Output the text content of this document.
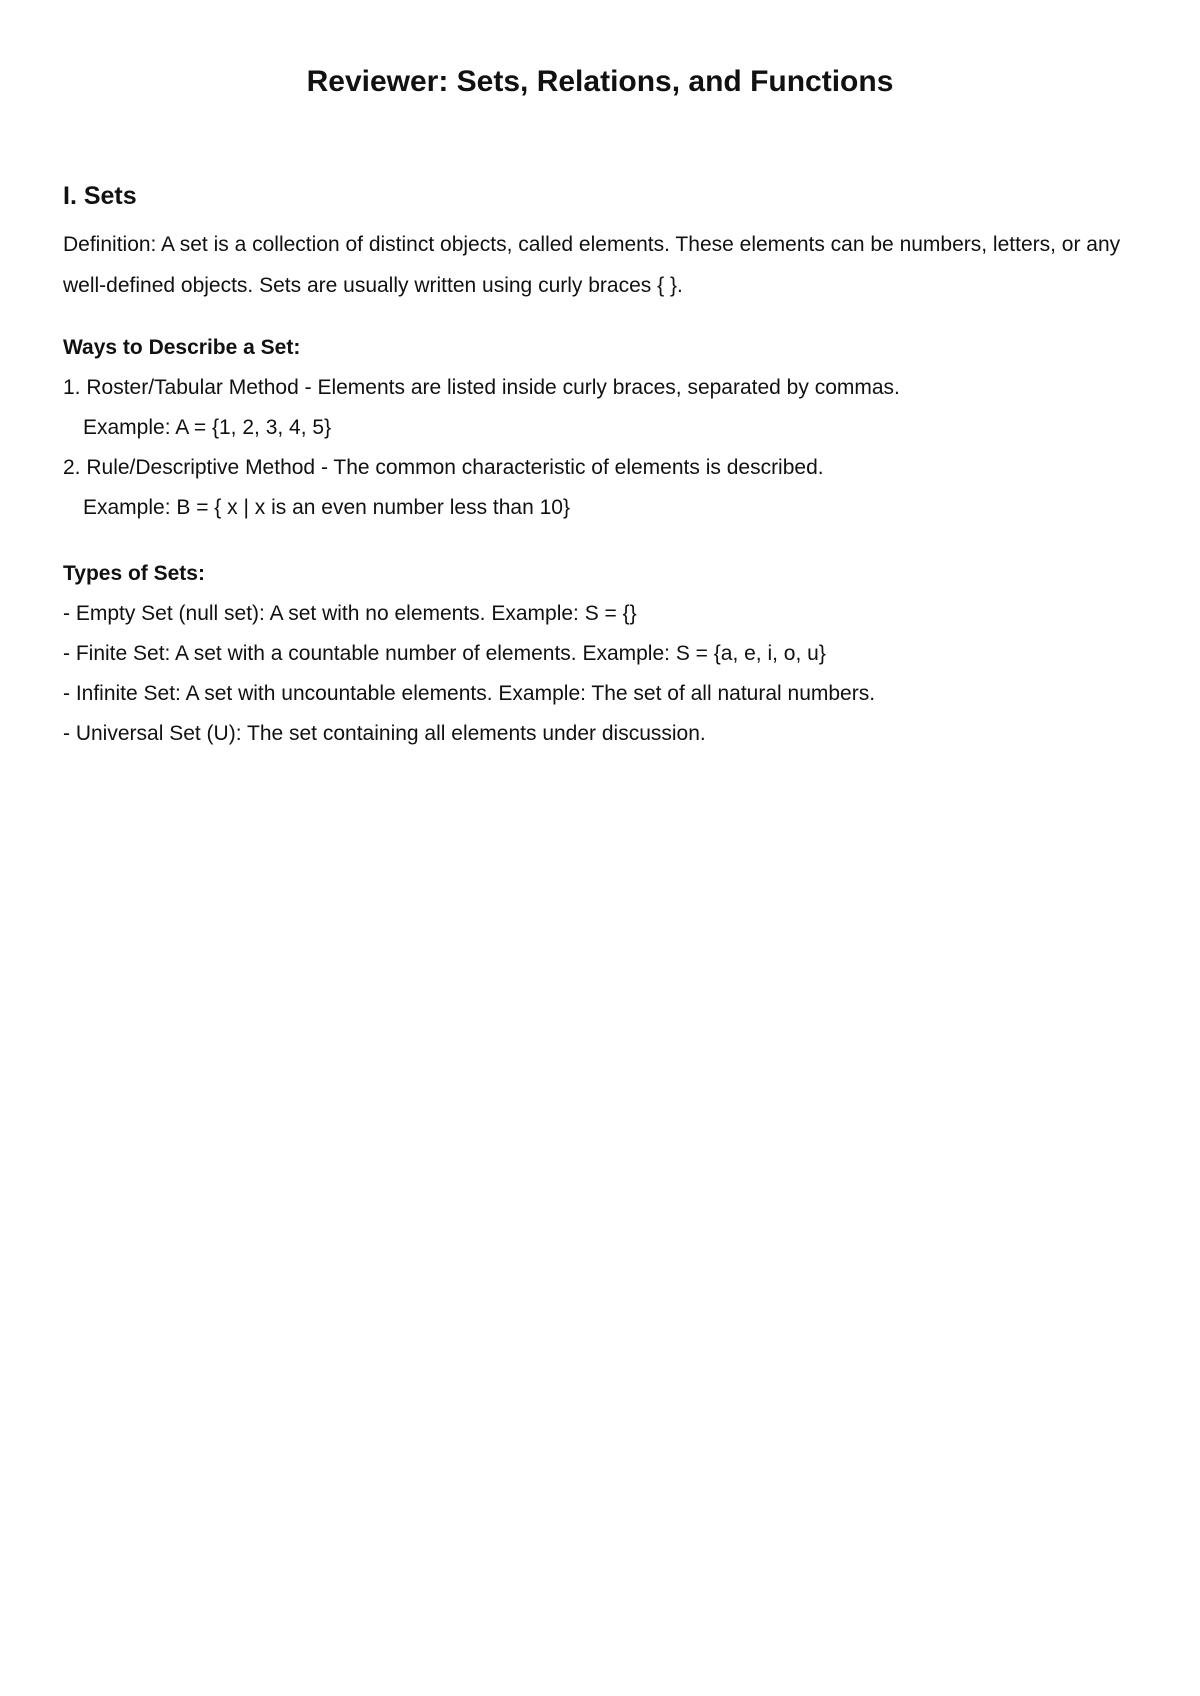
Reviewer: Sets, Relations, and Functions
I. Sets

Definition: A set is a collection of distinct objects, called elements. These elements can be numbers, letters, or any well-defined objects. Sets are usually written using curly braces { }.

Ways to Describe a Set:

1. Roster/Tabular Method - Elements are listed inside curly braces, separated by commas.

Example: A = {1, 2, 3, 4, 5}

2. Rule/Descriptive Method - The common characteristic of elements is described.

Example: B = { x | x is an even number less than 10}

Types of Sets:

- Empty Set (null set): A set with no elements. Example: S = {}

- Finite Set: A set with a countable number of elements. Example: S = {a, e, i, o, u}

- Infinite Set: A set with uncountable elements. Example: The set of all natural numbers.

- Universal Set (U): The set containing all elements under discussion.
